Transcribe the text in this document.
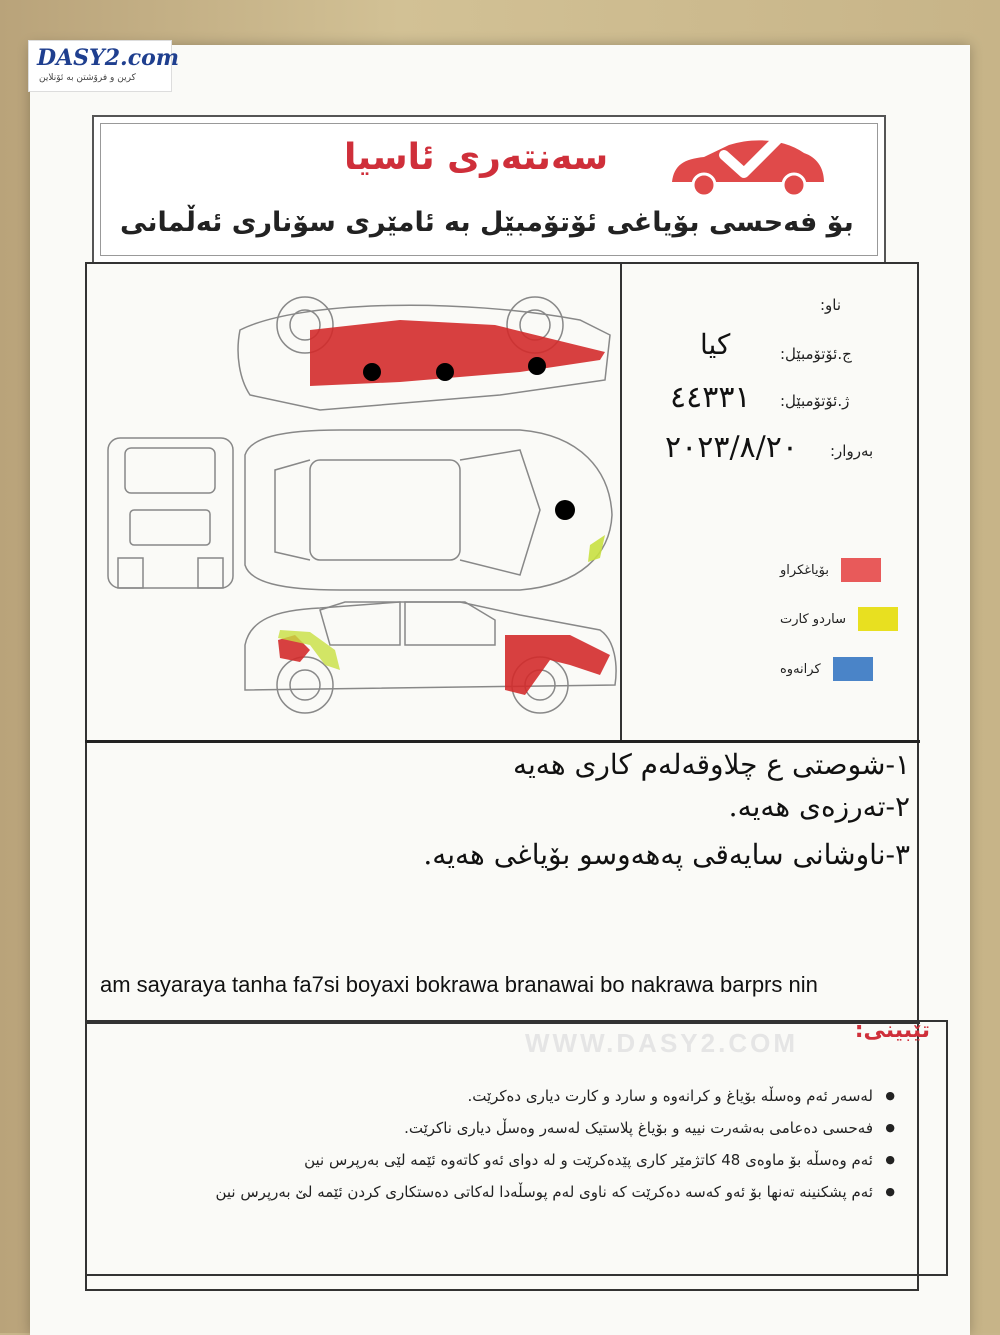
DASY2.com
کرین و فرۆشتن بە ئۆنلاین
سەنتەری ئاسیا
بۆ فەحسی بۆیاغی ئۆتۆمبێل بە ئامێری سۆناری ئەڵمانی
ناو:
ج.ئۆتۆمبێل:
کیا
ژ.ئۆتۆمبێل:
٤٤٣٣١
بەروار:
٢٠٢٣/٨/٢٠
بۆیاغکراو
ساردو کارت
کرانەوە
١-شوصتی ع چلاوقەلەم کاری هەیە
٢-تەرزەی هەیە.
٣-ناوشانی سایەقی پەهەوسو بۆیاغی هەیە.
am sayaraya tanha fa7si boyaxi bokrawa branawai bo nakrawa barprs nin
WWW.DASY2.COM	تێبینی:
● لەسەر ئەم وەسڵە بۆیاغ و کرانەوە و سارد و کارت دیاری دەکرێت.
● فەحسی دەعامی بەشەرت نییە و بۆیاغ پلاستیک لەسەر وەسڵ دیاری ناکرێت.
● ئەم وەسڵە بۆ ماوەی 48 کاتژمێر کاری پێدەکرێت و لە دوای ئەو کاتەوە ئێمە لێی بەرپرس نین
● ئەم پشکنینە تەنها بۆ ئەو کەسە دەکرێت کە ناوی لەم پوسڵەدا لەکاتی دەستکاری کردن ئێمە لێ بەرپرس نین
